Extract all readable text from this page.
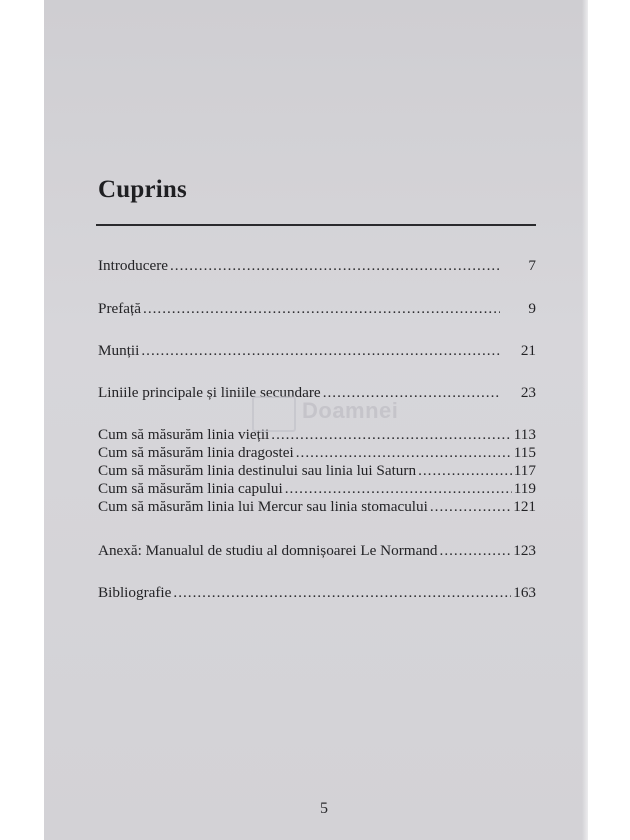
Cuprins
Introducere .....	7
Prefață .....	9
Munții .....	21
Liniile principale și liniile secundare .....	23
Cum să măsurăm linia vieții .....	113
Cum să măsurăm linia dragostei .....	115
Cum să măsurăm linia destinului sau linia lui Saturn .....	117
Cum să măsurăm linia capului .....	119
Cum să măsurăm linia lui Mercur sau linia stomacului .....	121
Anexă: Manualul de studiu al domnișoarei Le Normand .....	123
Bibliografie .....	163
Doamnei
5
